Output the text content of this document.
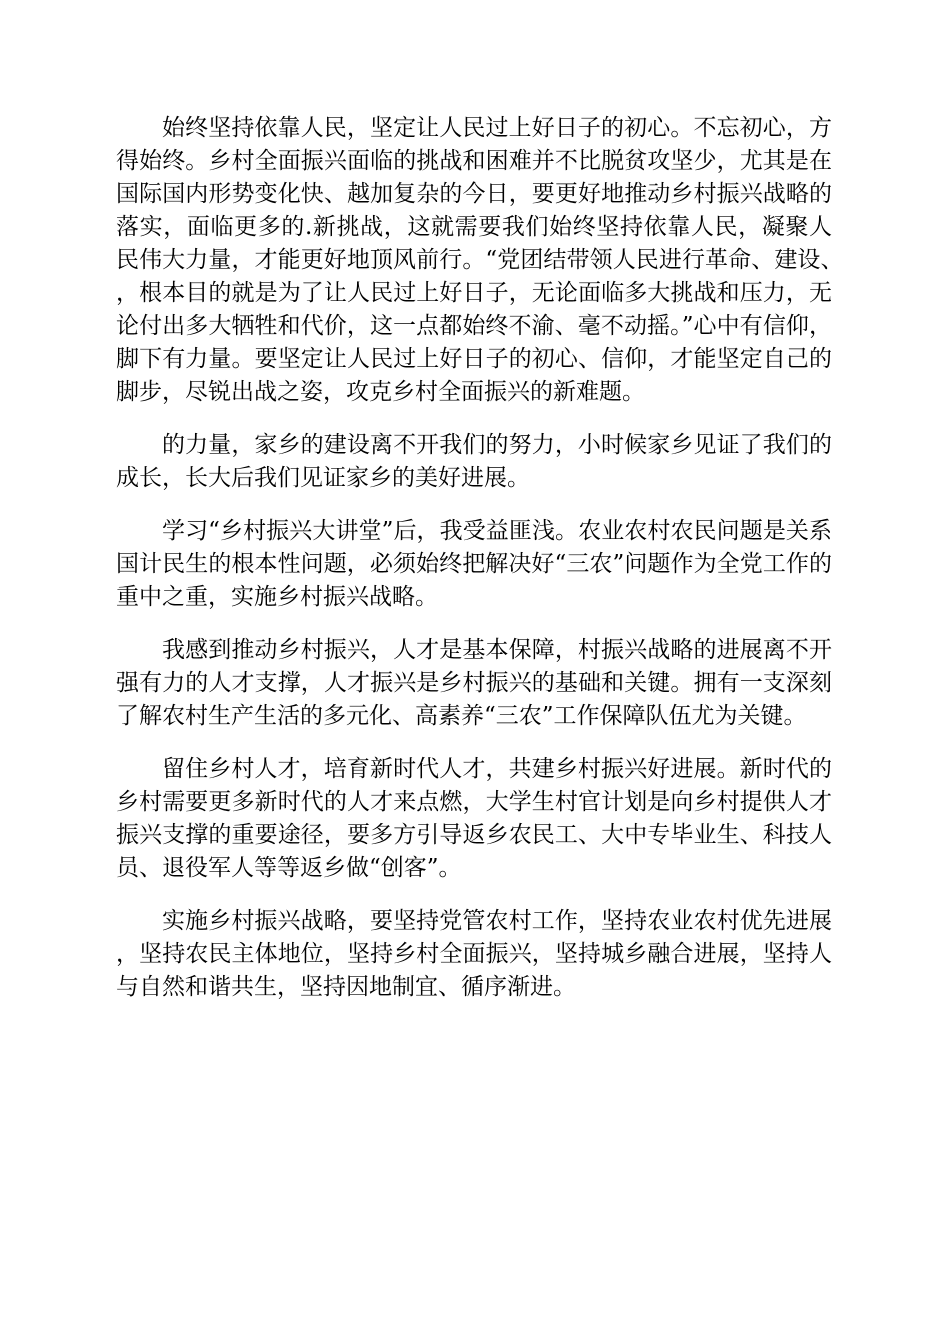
始终坚持依靠人民，坚定让人民过上好日子的初心。不忘初心，方得始终。乡村全面振兴面临的挑战和困难并不比脱贫攻坚少，尤其是在国际国内形势变化快、越加复杂的今日，要更好地推动乡村振兴战略的落实，面临更多的.新挑战，这就需要我们始终坚持依靠人民，凝聚人民伟大力量，才能更好地顶风前行。“党团结带领人民进行革命、建设、，根本目的就是为了让人民过上好日子，无论面临多大挑战和压力，无论付出多大牺牲和代价，这一点都始终不渝、毫不动摇。”心中有信仰，脚下有力量。要坚定让人民过上好日子的初心、信仰，才能坚定自己的脚步，尽锐出战之姿，攻克乡村全面振兴的新难题。

的力量，家乡的建设离不开我们的努力，小时候家乡见证了我们的成长，长大后我们见证家乡的美好进展。

学习“乡村振兴大讲堂”后，我受益匪浅。农业农村农民问题是关系国计民生的根本性问题，必须始终把解决好“三农”问题作为全党工作的重中之重，实施乡村振兴战略。

我感到推动乡村振兴，人才是基本保障，村振兴战略的进展离不开强有力的人才支撑，人才振兴是乡村振兴的基础和关键。拥有一支深刻了解农村生产生活的多元化、高素养“三农”工作保障队伍尤为关键。

留住乡村人才，培育新时代人才，共建乡村振兴好进展。新时代的乡村需要更多新时代的人才来点燃，大学生村官计划是向乡村提供人才振兴支撑的重要途径，要多方引导返乡农民工、大中专毕业生、科技人员、退役军人等等返乡做“创客”。

实施乡村振兴战略，要坚持党管农村工作，坚持农业农村优先进展，坚持农民主体地位，坚持乡村全面振兴，坚持城乡融合进展，坚持人与自然和谐共生，坚持因地制宜、循序渐进。
